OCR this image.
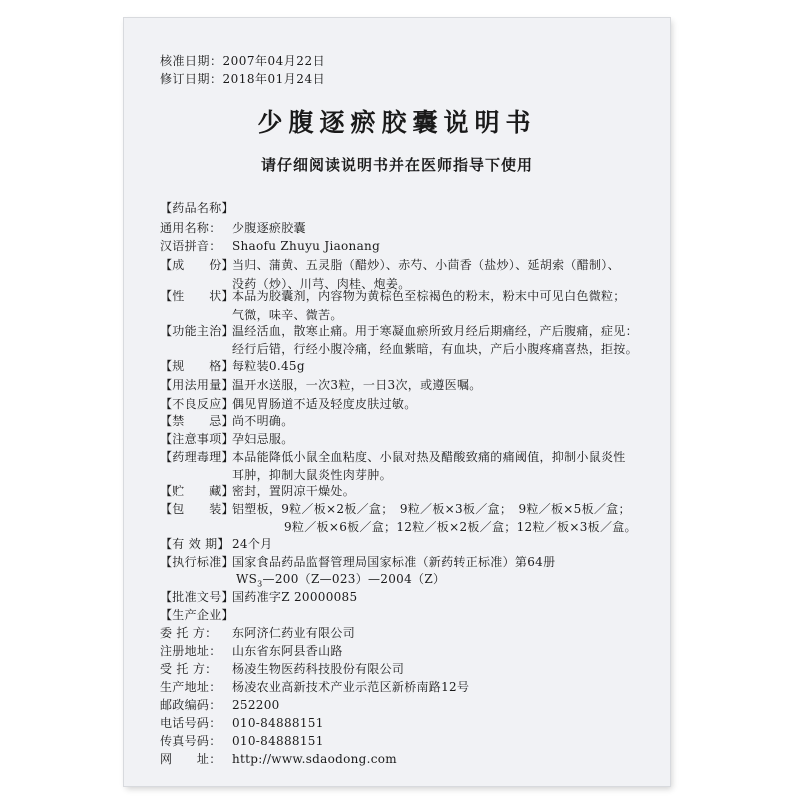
核准日期：2007年04月22日
修订日期：2018年01月24日
少腹逐瘀胶囊说明书
请仔细阅读说明书并在医师指导下使用
【药品名称】
通用名称： 少腹逐瘀胶囊
汉语拼音： Shaofu Zhuyu Jiaonang
【成　　份】当归、蒲黄、五灵脂（醋炒）、赤芍、小茴香（盐炒）、延胡索（醋制）、
没药（炒）、川芎、肉桂、炮姜。
【性　　状】本品为胶囊剂，内容物为黄棕色至棕褐色的粉末，粉末中可见白色微粒；
气微，味辛、微苦。
【功能主治】温经活血，散寒止痛。用于寒凝血瘀所致月经后期痛经，产后腹痛，症见：
经行后错，行经小腹冷痛，经血紫暗，有血块，产后小腹疼痛喜热，拒按。
【规　　格】每粒装0.45g
【用法用量】温开水送服，一次3粒，一日3次，或遵医嘱。
【不良反应】偶见胃肠道不适及轻度皮肤过敏。
【禁　　忌】尚不明确。
【注意事项】孕妇忌服。
【药理毒理】本品能降低小鼠全血粘度、小鼠对热及醋酸致痛的痛阈值，抑制小鼠炎性
耳肿，抑制大鼠炎性肉芽肿。
【贮　　藏】密封，置阴凉干燥处。
【包　　装】铝塑板，9粒／板×2板／盒；　9粒／板×3板／盒；　9粒／板×5板／盒；
9粒／板×6板／盒；12粒／板×2板／盒；12粒／板×3板／盒。
【有 效 期】 24个月
【执行标准】国家食品药品监督管理局国家标准（新药转正标准）第64册
$WS_3—200(Z—023)—2004(Z)$
【批准文号】国药准字Z 20000085
【生产企业】
委 托 方： 东阿济仁药业有限公司
注册地址： 山东省东阿县香山路
受 托 方： 杨凌生物医药科技股份有限公司
生产地址： 杨凌农业高新技术产业示范区新桥南路12号
邮政编码： 252200
电话号码： 010-84888151
传真号码： 010-84888151
网　　址： http://www.sdaodong.com
